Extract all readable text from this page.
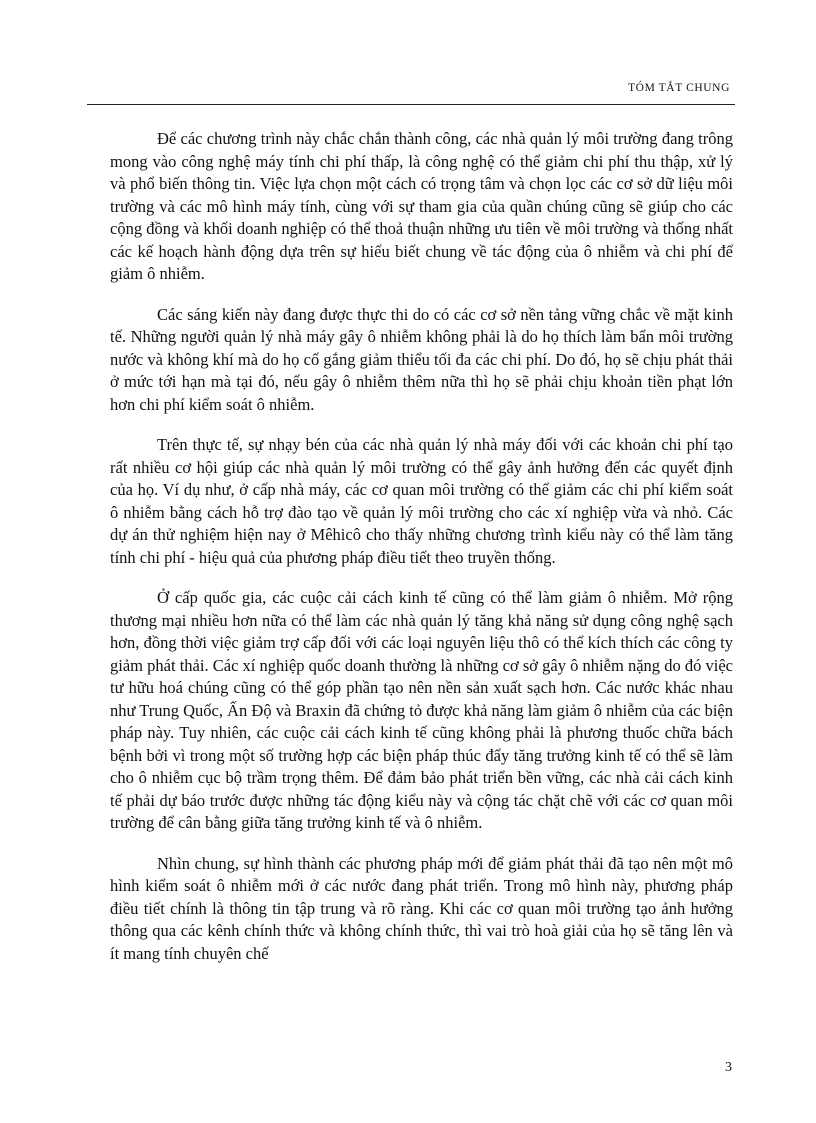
TÓM TẮT CHUNG

Để các chương trình này chắc chắn thành công, các nhà quản lý môi trường đang trông mong vào công nghệ máy tính chi phí thấp, là công nghệ có thể giảm chi phí thu thập, xử lý và phổ biến thông tin. Việc lựa chọn một cách có trọng tâm và chọn lọc các cơ sở dữ liệu môi trường và các mô hình máy tính, cùng với sự tham gia của quần chúng cũng sẽ giúp cho các cộng đồng và khối doanh nghiệp có thể thoả thuận những ưu tiên về môi trường và thống nhất các kế hoạch hành động dựa trên sự hiểu biết chung về tác động của ô nhiễm và chi phí để giảm ô nhiễm.

Các sáng kiến này đang được thực thi do có các cơ sở nền tảng vững chắc về mặt kinh tế. Những người quản lý nhà máy gây ô nhiễm không phải là do họ thích làm bẩn môi trường nước và không khí mà do họ cố gắng giảm thiểu tối đa các chi phí. Do đó, họ sẽ chịu phát thải ở mức tới hạn mà tại đó, nếu gây ô nhiễm thêm nữa thì họ sẽ phải chịu khoản tiền phạt lớn hơn chi phí kiểm soát ô nhiễm.

Trên thực tế, sự nhạy bén của các nhà quản lý nhà máy đối với các khoản chi phí tạo rất nhiều cơ hội giúp các nhà quản lý môi trường có thể gây ảnh hưởng đến các quyết định của họ. Ví dụ như, ở cấp nhà máy, các cơ quan môi trường có thể giảm các chi phí kiểm soát ô nhiễm bằng cách hỗ trợ đào tạo về quản lý môi trường cho các xí nghiệp vừa và nhỏ. Các dự án thử nghiệm hiện nay ở Mêhicô cho thấy những chương trình kiểu này có thể làm tăng tính chi phí - hiệu quả của phương pháp điều tiết theo truyền thống.

Ở cấp quốc gia, các cuộc cải cách kinh tế cũng có thể làm giảm ô nhiễm. Mở rộng thương mại nhiều hơn nữa có thể làm các nhà quản lý tăng khả năng sử dụng công nghệ sạch hơn, đồng thời việc giảm trợ cấp đối với các loại nguyên liệu thô có thể kích thích các công ty giảm phát thải. Các xí nghiệp quốc doanh thường là những cơ sở gây ô nhiễm nặng do đó việc tư hữu hoá chúng cũng có thể góp phần tạo nên nền sản xuất sạch hơn. Các nước khác nhau như Trung Quốc, Ấn Độ và Braxin đã chứng tỏ được khả năng làm giảm ô nhiễm của các biện pháp này. Tuy nhiên, các cuộc cải cách kinh tế cũng không phải là phương thuốc chữa bách bệnh bởi vì trong một số trường hợp các biện pháp thúc đẩy tăng trưởng kinh tế có thể sẽ làm cho ô nhiễm cục bộ trầm trọng thêm. Để đảm bảo phát triển bền vững, các nhà cải cách kinh tế phải dự báo trước được những tác động kiểu này và cộng tác chặt chẽ với các cơ quan môi trường để cân bằng giữa tăng trưởng kinh tế và ô nhiễm.

Nhìn chung, sự hình thành các phương pháp mới để giảm phát thải đã tạo nên một mô hình kiểm soát ô nhiễm mới ở các nước đang phát triển. Trong mô hình này, phương pháp điều tiết chính là thông tin tập trung và rõ ràng. Khi các cơ quan môi trường tạo ảnh hưởng thông qua các kênh chính thức và không chính thức, thì vai trò hoà giải của họ sẽ tăng lên và ít mang tính chuyên chế

3
